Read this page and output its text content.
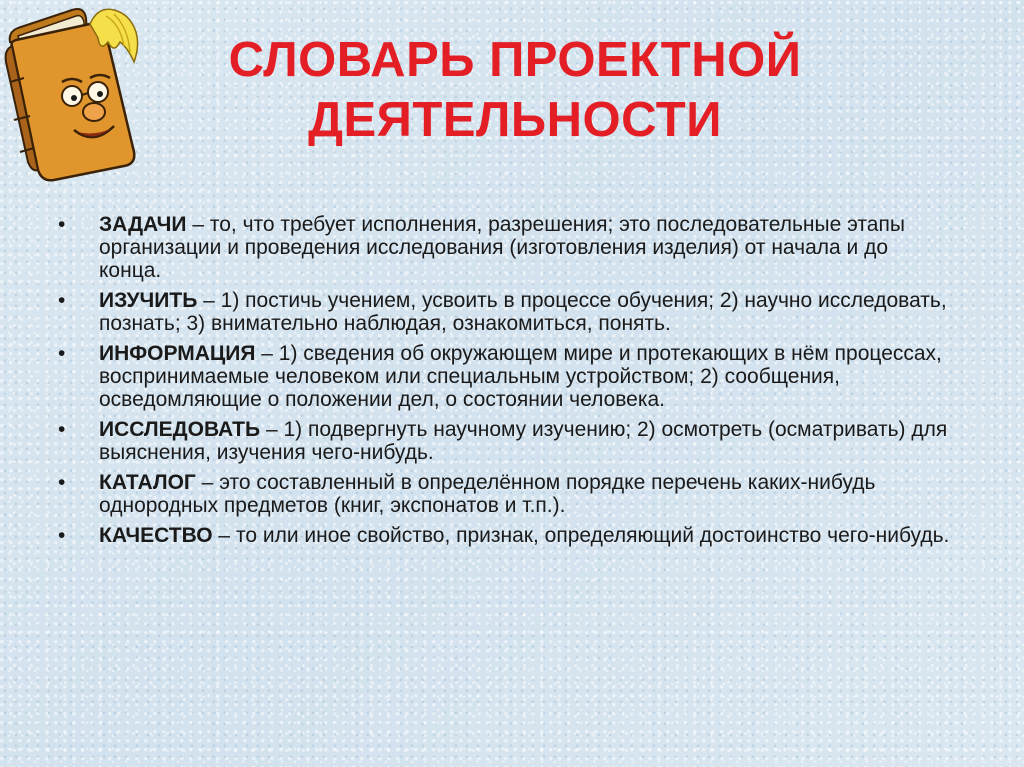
СЛОВАРЬ ПРОЕКТНОЙ
ДЕЯТЕЛЬНОСТИ
• ЗАДАЧИ – то, что требует исполнения, разрешения; это последовательные этапы организации и проведения исследования (изготовления изделия) от начала и до конца.
• ИЗУЧИТЬ – 1) постичь учением, усвоить в процессе обучения; 2) научно исследовать, познать; 3) внимательно наблюдая, ознакомиться, понять.
• ИНФОРМАЦИЯ – 1) сведения об окружающем мире и протекающих в нём процессах, воспринимаемые человеком или специальным устройством; 2) сообщения, осведомляющие о положении дел, о состоянии человека.
• ИССЛЕДОВАТЬ – 1) подвергнуть научному изучению; 2) осмотреть (осматривать) для выяснения, изучения чего-нибудь.
• КАТАЛОГ – это составленный в определённом порядке перечень каких-нибудь однородных предметов (книг, экспонатов и т.п.).
• КАЧЕСТВО – то или иное свойство, признак, определяющий достоинство чего-нибудь.
